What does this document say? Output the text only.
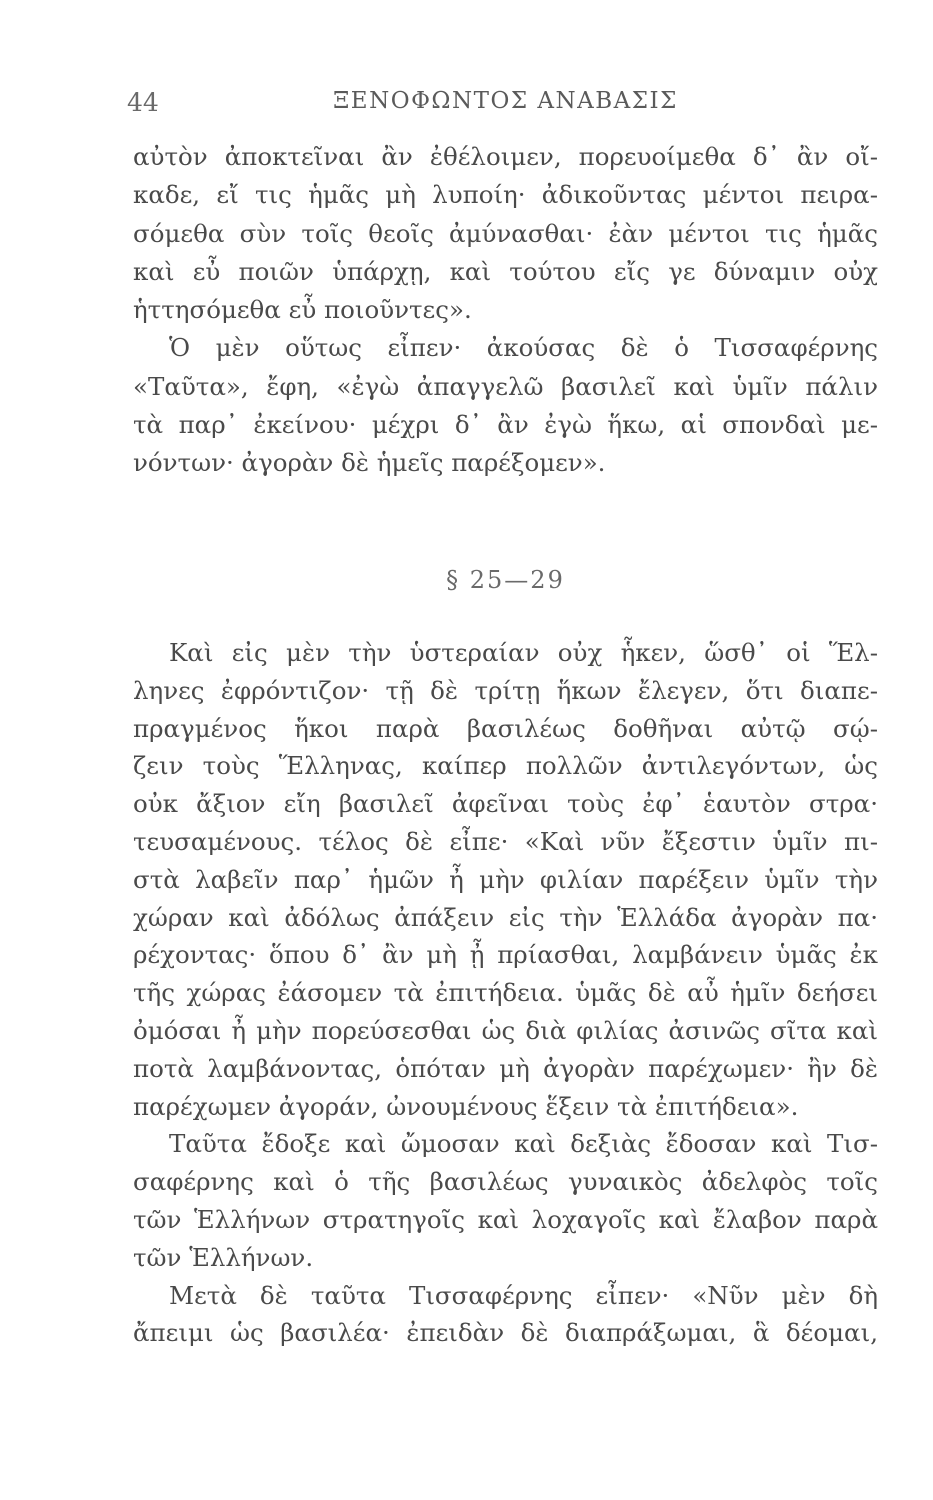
44	ΞΕΝΟΦΩΝΤΟΣ ΑΝΑΒΑΣΙΣ
αὐτὸν ἀποκτεῖναι ἂν ἐθέλοιμεν, πορευοίμεθα δ᾿ ἂν οἴ-
καδε, εἴ τις ἡμᾶς μὴ λυποίη· ἀδικοῦντας μέντοι πειρα-
σόμεθα σὺν τοῖς θεοῖς ἀμύνασθαι· ἐὰν μέντοι τις ἡμᾶς
καὶ εὖ ποιῶν ὑπάρχῃ, καὶ τούτου εἴς γε δύναμιν οὐχ
ἡττησόμεθα εὖ ποιοῦντες».
Ὁ μὲν οὕτως εἶπεν· ἀκούσας δὲ ὁ Τισσαφέρνης
«Ταῦτα», ἔφη, «ἐγὼ ἀπαγγελῶ βασιλεῖ καὶ ὑμῖν πάλιν
τὰ παρ᾿ ἐκείνου· μέχρι δ᾿ ἂν ἐγὼ ἥκω, αἱ σπονδαὶ με-
νόντων· ἀγορὰν δὲ ἡμεῖς παρέξομεν».
§ 25—29
Καὶ εἰς μὲν τὴν ὑστεραίαν οὐχ ἧκεν, ὥσθ᾿ οἱ Ἕλ-
ληνες ἐφρόντιζον· τῇ δὲ τρίτῃ ἥκων ἔλεγεν, ὅτι διαπε-
πραγμένος ἥκοι παρὰ βασιλέως δοθῆναι αὐτῷ σῴ-
ζειν τοὺς Ἕλληνας, καίπερ πολλῶν ἀντιλεγόντων, ὡς
οὐκ ἄξιον εἴη βασιλεῖ ἀφεῖναι τοὺς ἐφ᾿ ἑαυτὸν στρα·
τευσαμένους. τέλος δὲ εἶπε· «Καὶ νῦν ἔξεστιν ὑμῖν πι-
στὰ λαβεῖν παρ᾿ ἡμῶν ἦ μὴν φιλίαν παρέξειν ὑμῖν τὴν
χώραν καὶ ἀδόλως ἀπάξειν εἰς τὴν Ἑλλάδα ἀγορὰν πα·
ρέχοντας· ὅπου δ᾿ ἂν μὴ ᾖ πρίασθαι, λαμβάνειν ὑμᾶς ἐκ
τῆς χώρας ἐάσομεν τὰ ἐπιτήδεια. ὑμᾶς δὲ αὖ ἡμῖν δεήσει
ὀμόσαι ἦ μὴν πορεύσεσθαι ὡς διὰ φιλίας ἀσινῶς σῖτα καὶ
ποτὰ λαμβάνοντας, ὁπόταν μὴ ἀγορὰν παρέχωμεν· ἢν δὲ
παρέχωμεν ἀγοράν, ὠνουμένους ἕξειν τὰ ἐπιτήδεια».
Ταῦτα ἔδοξε καὶ ὤμοσαν καὶ δεξιὰς ἔδοσαν καὶ Τισ-
σαφέρνης καὶ ὁ τῆς βασιλέως γυναικὸς ἀδελφὸς τοῖς
τῶν Ἑλλήνων στρατηγοῖς καὶ λοχαγοῖς καὶ ἔλαβον παρὰ
τῶν Ἑλλήνων.
Μετὰ δὲ ταῦτα Τισσαφέρνης εἶπεν· «Νῦν μὲν δὴ
ἄπειμι ὡς βασιλέα· ἐπειδὰν δὲ διαπράξωμαι, ἃ δέομαι,
